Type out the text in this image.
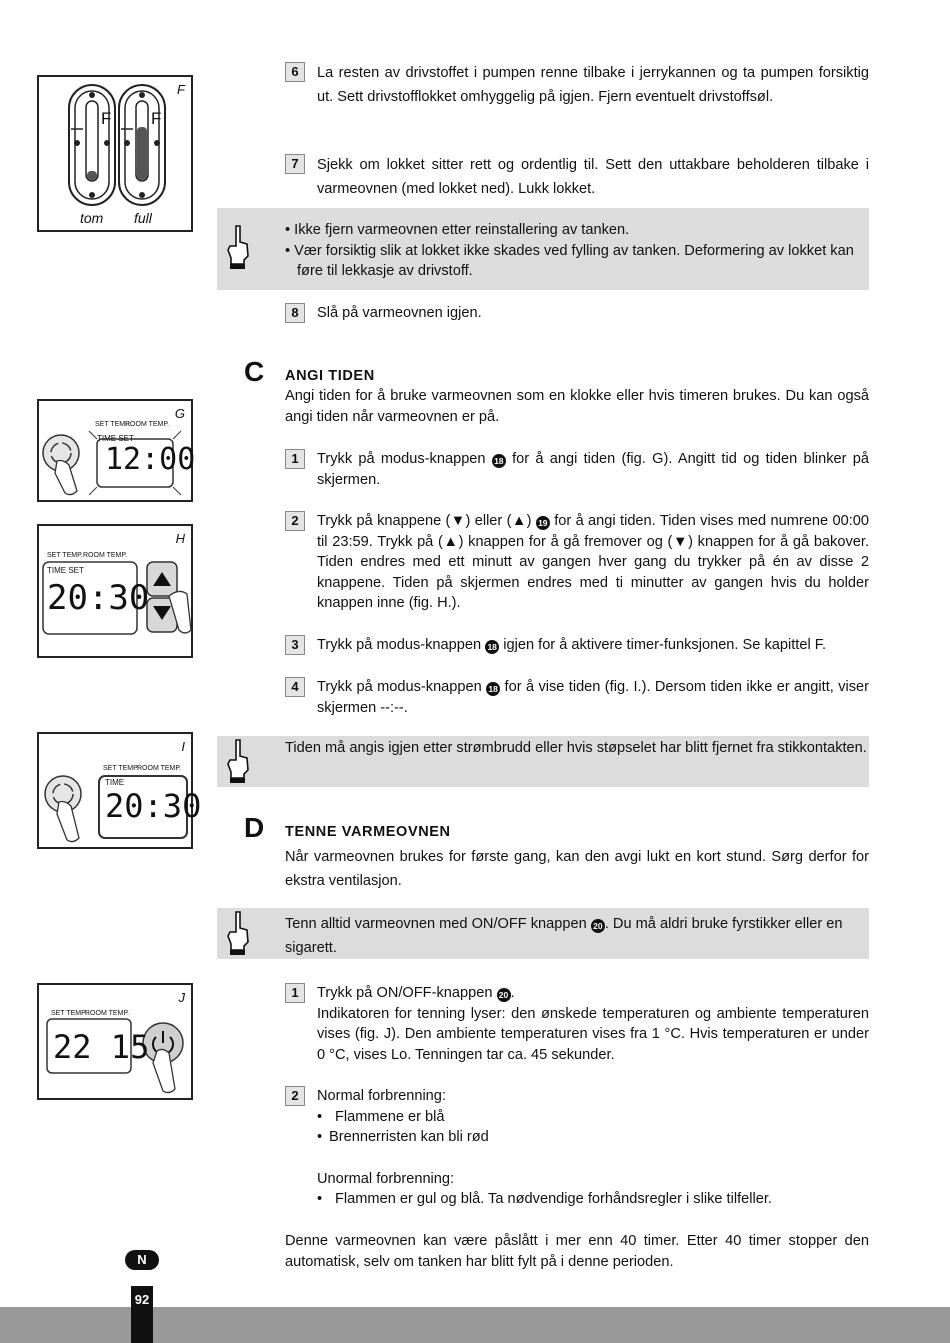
F
F F
tom full
G
SET TEMP.
ROOM TEMP.
TIME SET
12:00
H
SET TEMP. ROOM TEMP.
TIME SET
20:30
I
SET TEMP.
ROOM TEMP.
TIME
20:30
J
SET TEMP.
ROOM TEMP.
22 15
6	La resten av drivstoffet i pumpen renne tilbake i jerrykannen og ta pumpen forsiktig ut. Sett drivstofflokket omhyggelig på igjen. Fjern eventuelt drivstoffsøl.
7	Sjekk om lokket sitter rett og ordentlig til. Sett den uttakbare beholderen tilbake i varmeovnen (med lokket ned). Lukk lokket.
• Ikke fjern varmeovnen etter reinstallering av tanken.
• Vær forsiktig slik at lokket ikke skades ved fylling av tanken. Deformering av lokket kan føre til lekkasje av drivstoff.
8	Slå på varmeovnen igjen.
C ANGI TIDEN
Angi tiden for å bruke varmeovnen som en klokke eller hvis timeren brukes. Du kan også angi tiden når varmeovnen er på.
1	Trykk på modus-knappen 18 for å angi tiden (fig. G). Angitt tid og tiden blinker på skjermen.
2	Trykk på knappene (▼) eller (▲) 19 for å angi tiden. Tiden vises med numrene 00:00 til 23:59. Trykk på (▲) knappen for å gå fremover og (▼) knappen for å gå bakover. Tiden endres med ett minutt av gangen hver gang du trykker på én av disse 2 knappene. Tiden på skjermen endres med ti minutter av gangen hvis du holder knappen inne (fig. H.).
3	Trykk på modus-knappen 18 igjen for å aktivere timer-funksjonen. Se kapittel F.
4	Trykk på modus-knappen 18 for å vise tiden (fig. I.). Dersom tiden ikke er angitt, viser skjermen --:--.
Tiden må angis igjen etter strømbrudd eller hvis støpselet har blitt fjernet fra stikkontakten.
D TENNE VARMEOVNEN
Når varmeovnen brukes for første gang, kan den avgi lukt en kort stund. Sørg derfor for ekstra ventilasjon.
Tenn alltid varmeovnen med ON/OFF knappen 20 . Du må aldri bruke fyrstikker eller en sigarett.
1	Trykk på ON/OFF-knappen 20 .

Indikatoren for tenning lyser: den ønskede temperaturen og ambiente temperaturen vises (fig. J). Den ambiente temperaturen vises fra 1 °C. Hvis temperaturen er under 0 °C, vises Lo. Tenningen tar ca. 45 sekunder.

2	Normal forbrenning:

• Flammene er blå
• Brennerristen kan bli rød

Unormal forbrenning:

• Flammen er gul og blå. Ta nødvendige forhåndsregler i slike tilfeller.
Denne varmeovnen kan være påslått i mer enn 40 timer. Etter 40 timer stopper den automatisk, selv om tanken har blitt fylt på i denne perioden.
92
N
